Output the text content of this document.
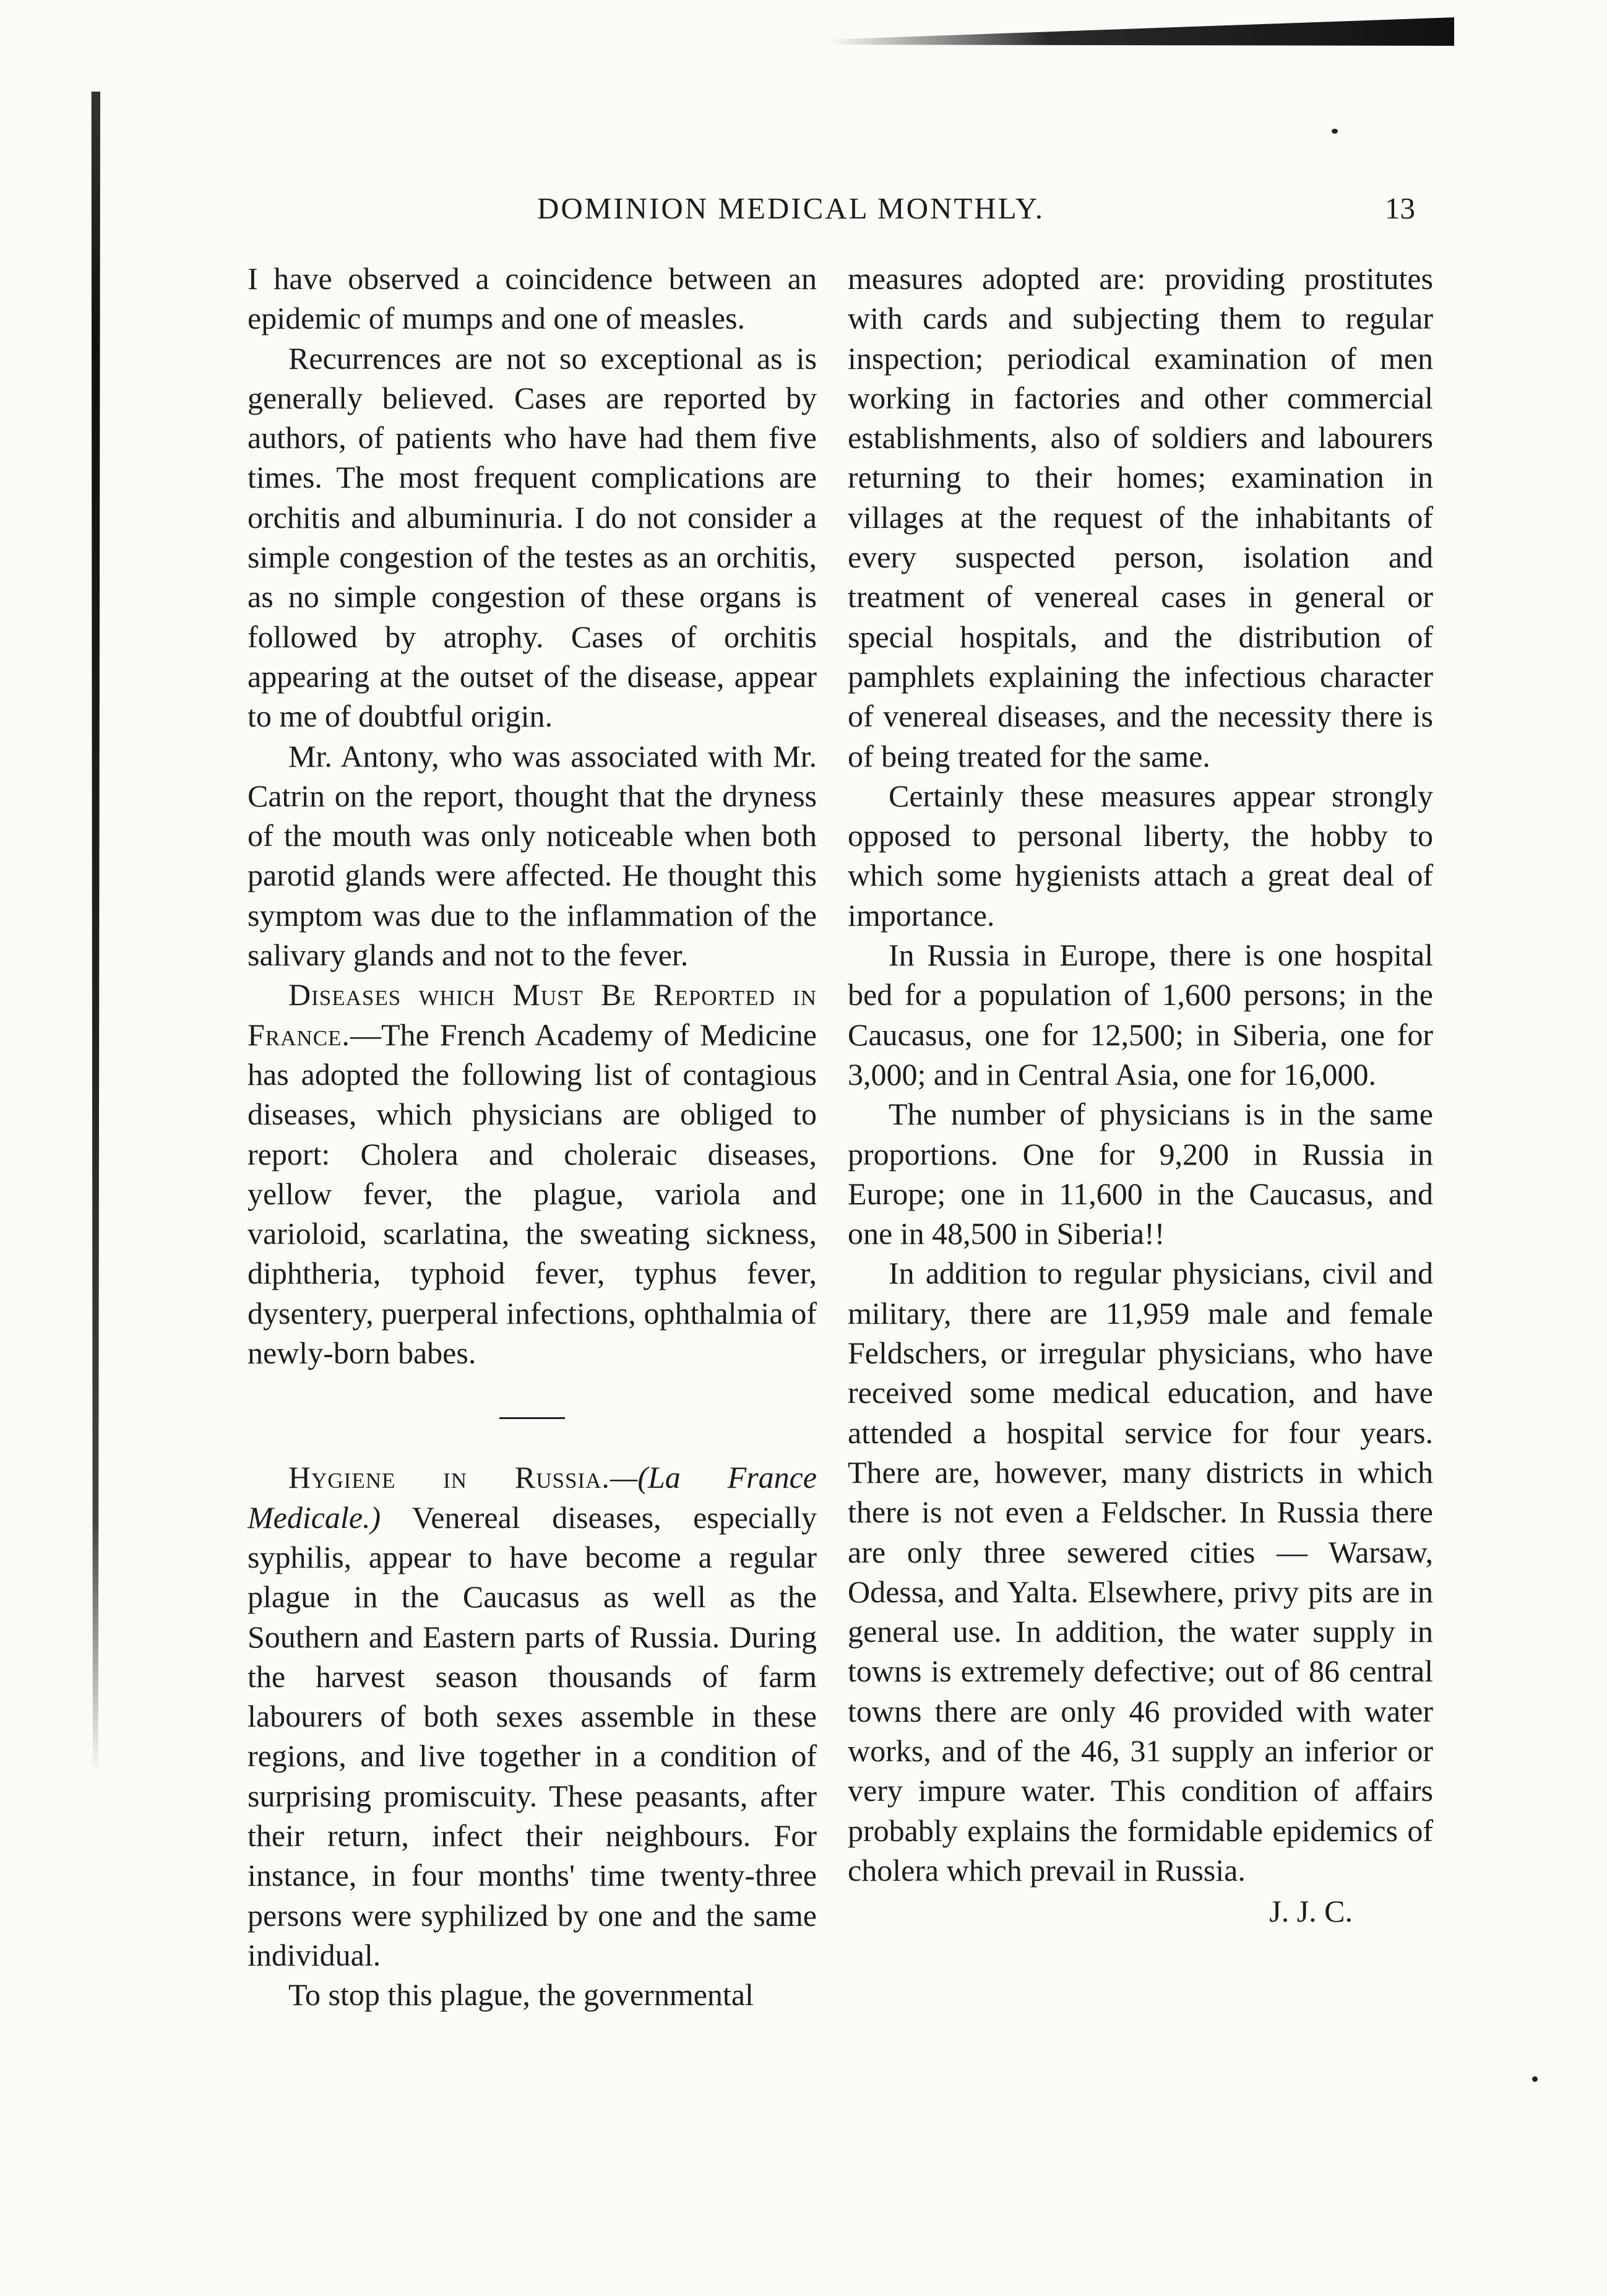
DOMINION MEDICAL MONTHLY.	13

I have observed a coincidence between an epidemic of mumps and one of measles.

Recurrences are not so exceptional as is generally believed. Cases are reported by authors, of patients who have had them five times. The most frequent complications are orchitis and albuminuria. I do not consider a simple congestion of the testes as an orchitis, as no simple congestion of these organs is followed by atrophy. Cases of orchitis appearing at the outset of the disease, appear to me of doubtful origin.

Mr. Antony, who was associated with Mr. Catrin on the report, thought that the dryness of the mouth was only noticeable when both parotid glands were affected. He thought this symptom was due to the inflammation of the salivary glands and not to the fever.

Diseases which Must Be Reported in France.—The French Academy of Medicine has adopted the following list of contagious diseases, which physicians are obliged to report: Cholera and choleraic diseases, yellow fever, the plague, variola and varioloid, scarlatina, the sweating sickness, diphtheria, typhoid fever, typhus fever, dysentery, puerperal infections, ophthalmia of newly-born babes.

Hygiene in Russia.—(La France Medicale.) Venereal diseases, especially syphilis, appear to have become a regular plague in the Caucasus as well as the Southern and Eastern parts of Russia. During the harvest season thousands of farm labourers of both sexes assemble in these regions, and live together in a condition of surprising promiscuity. These peasants, after their return, infect their neighbours. For instance, in four months' time twenty-three persons were syphilized by one and the same individual.

To stop this plague, the governmental

measures adopted are: providing prostitutes with cards and subjecting them to regular inspection; periodical examination of men working in factories and other commercial establishments, also of soldiers and labourers returning to their homes; examination in villages at the request of the inhabitants of every suspected person, isolation and treatment of venereal cases in general or special hospitals, and the distribution of pamphlets explaining the infectious character of venereal diseases, and the necessity there is of being treated for the same.

Certainly these measures appear strongly opposed to personal liberty, the hobby to which some hygienists attach a great deal of importance.

In Russia in Europe, there is one hospital bed for a population of 1,600 persons; in the Caucasus, one for 12,500; in Siberia, one for 3,000; and in Central Asia, one for 16,000.

The number of physicians is in the same proportions. One for 9,200 in Russia in Europe; one in 11,600 in the Caucasus, and one in 48,500 in Siberia!!

In addition to regular physicians, civil and military, there are 11,959 male and female Feldschers, or irregular physicians, who have received some medical education, and have attended a hospital service for four years. There are, however, many districts in which there is not even a Feldscher. In Russia there are only three sewered cities — Warsaw, Odessa, and Yalta. Elsewhere, privy pits are in general use. In addition, the water supply in towns is extremely defective; out of 86 central towns there are only 46 provided with water works, and of the 46, 31 supply an inferior or very impure water. This condition of affairs probably explains the formidable epidemics of cholera which prevail in Russia.

J. J. C.
